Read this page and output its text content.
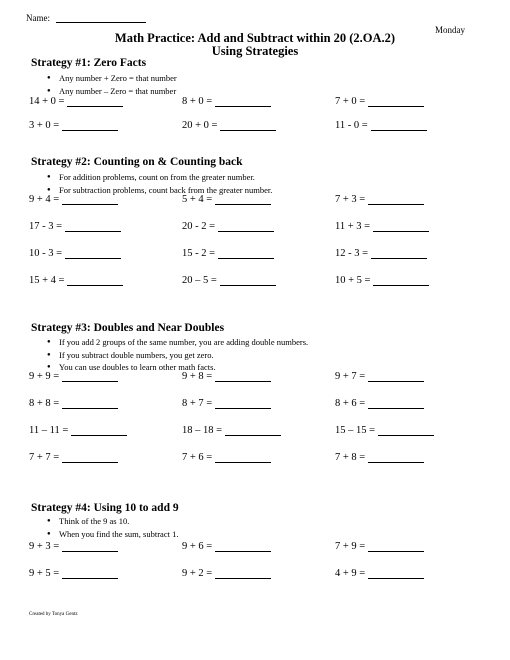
Name:
Monday
Math Practice: Add and Subtract within 20 (2.OA.2)
Using Strategies
Strategy #1: Zero Facts
● Any number + Zero = that number
● Any number – Zero = that number
14 + 0 =	8 + 0 =	7 + 0 =
3 + 0 =	20 + 0 =	11 - 0 =
Strategy #2: Counting on & Counting back
● For addition problems, count on from the greater number.
● For subtraction problems, count back from the greater number.
9 + 4 =	5 + 4 =	7 + 3 =
17 - 3 =	20 - 2 =	11 + 3 =
10 - 3 =	15 - 2 =	12 - 3 =
15 + 4 =	20 – 5 =	10 + 5 =
Strategy #3: Doubles and Near Doubles
● If you add 2 groups of the same number, you are adding double numbers.
● If you subtract double numbers, you get zero.
● You can use doubles to learn other math facts.
9 + 9 =	9 + 8 =	9 + 7 =
8 + 8 =	8 + 7 =	8 + 6 =
11 – 11 =	18 – 18 =	15 – 15 =
7 + 7 =	7 + 6 =	7 + 8 =
Strategy #4: Using 10 to add 9
● Think of the 9 as 10.
● When you find the sum, subtract 1.
9 + 3 =	9 + 6 =	7 + 9 =
9 + 5 =	9 + 2 =	4 + 9 =
Created by Tonya Gentz
